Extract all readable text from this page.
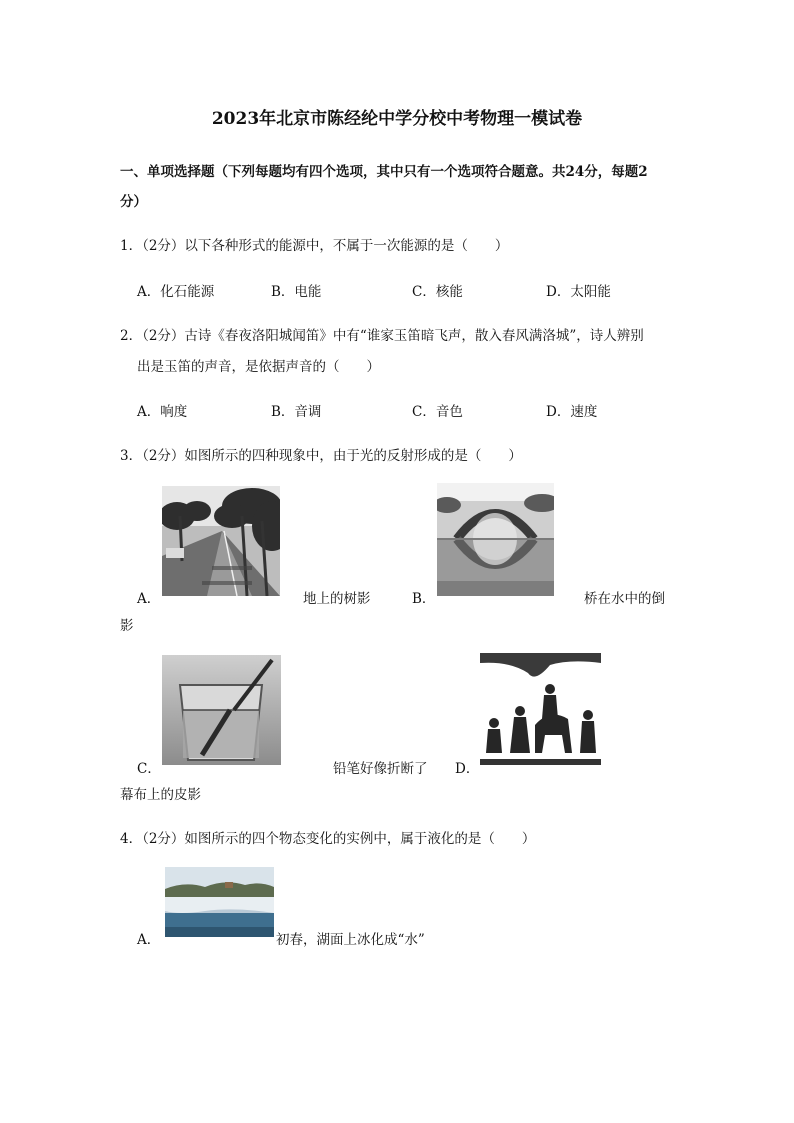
2023年北京市陈经纶中学分校中考物理一模试卷
一、单项选择题（下列每题均有四个选项，其中只有一个选项符合题意。共24分，每题2
分）
1．（2分）以下各种形式的能源中，不属于一次能源的是（　　）
A．化石能源	B．电能	C．核能	D．太阳能
2．（2分）古诗《春夜洛阳城闻笛》中有“谁家玉笛暗飞声，散入春风满洛城”，诗人辨别
出是玉笛的声音，是依据声音的（　　）
A．响度	B．音调	C．音色	D．速度
3．（2分）如图所示的四种现象中，由于光的反射形成的是（　　）
A．	地上的树影	B．	桥在水中的倒
影
C．	铅笔好像折断了 D．
幕布上的皮影
4．（2分）如图所示的四个物态变化的实例中，属于液化的是（　　）
A．	初春，湖面上冰化成“水”
